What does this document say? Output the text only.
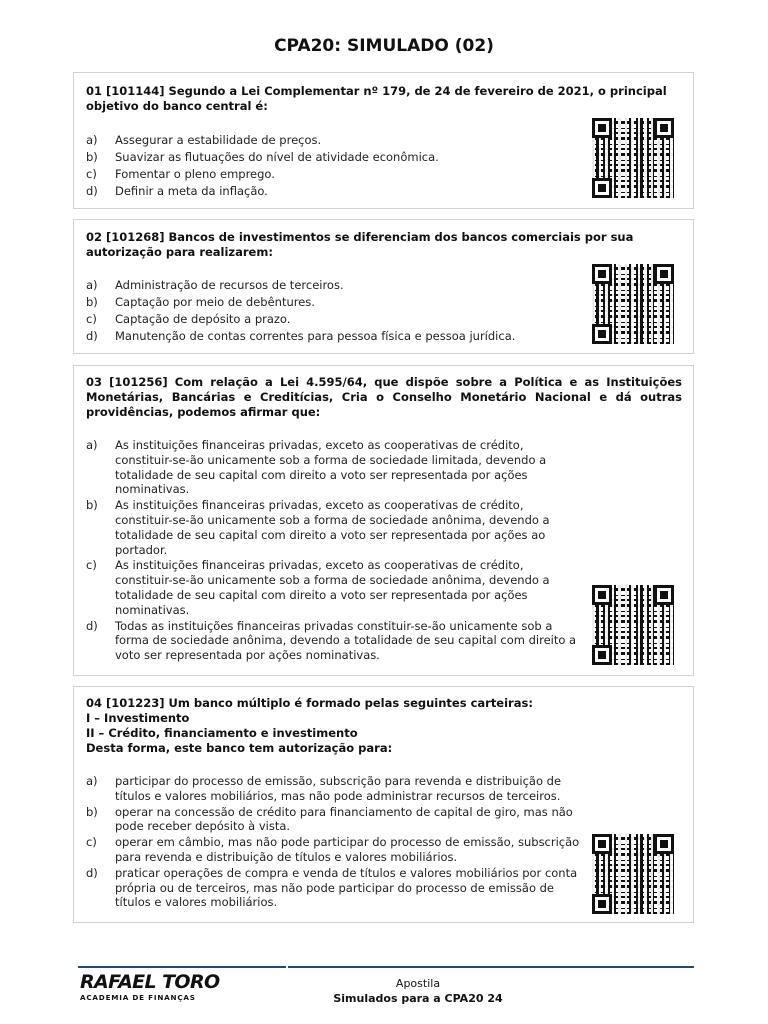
CPA20: SIMULADO (02)
01 [101144] Segundo a Lei Complementar nº 179, de 24 de fevereiro de 2021, o principal
objetivo do banco central é:
a) Assegurar a estabilidade de preços.
b) Suavizar as flutuações do nível de atividade econômica.
c) Fomentar o pleno emprego.
d) Definir a meta da inflação.
02 [101268] Bancos de investimentos se diferenciam dos bancos comerciais por sua
autorização para realizarem:
a) Administração de recursos de terceiros.
b) Captação por meio de debêntures.
c) Captação de depósito a prazo.
d) Manutenção de contas correntes para pessoa física e pessoa jurídica.
03 [101256] Com relação a Lei 4.595/64, que dispõe sobre a Política e as Instituições
Monetárias, Bancárias e Creditícias, Cria o Conselho Monetário Nacional e dá outras
providências, podemos afirmar que:
a) As instituições financeiras privadas, exceto as cooperativas de crédito,
constituir-se-ão unicamente sob a forma de sociedade limitada, devendo a
totalidade de seu capital com direito a voto ser representada por ações
nominativas.
b) As instituições financeiras privadas, exceto as cooperativas de crédito,
constituir-se-ão unicamente sob a forma de sociedade anônima, devendo a
totalidade de seu capital com direito a voto ser representada por ações ao
portador.
c) As instituições financeiras privadas, exceto as cooperativas de crédito,
constituir-se-ão unicamente sob a forma de sociedade anônima, devendo a
totalidade de seu capital com direito a voto ser representada por ações
nominativas.
d) Todas as instituições financeiras privadas constituir-se-ão unicamente sob a
forma de sociedade anônima, devendo a totalidade de seu capital com direito a
voto ser representada por ações nominativas.
04 [101223] Um banco múltiplo é formado pelas seguintes carteiras:
I – Investimento
II – Crédito, financiamento e investimento
Desta forma, este banco tem autorização para:
a) participar do processo de emissão, subscrição para revenda e distribuição de
títulos e valores mobiliários, mas não pode administrar recursos de terceiros.
b) operar na concessão de crédito para financiamento de capital de giro, mas não
pode receber depósito à vista.
c) operar em câmbio, mas não pode participar do processo de emissão, subscrição
para revenda e distribuição de títulos e valores mobiliários.
d) praticar operações de compra e venda de títulos e valores mobiliários por conta
própria ou de terceiros, mas não pode participar do processo de emissão de
títulos e valores mobiliários.
RAFAEL TORO
ACADEMIA DE FINANÇAS
Apostila
Simulados para a CPA20 24
